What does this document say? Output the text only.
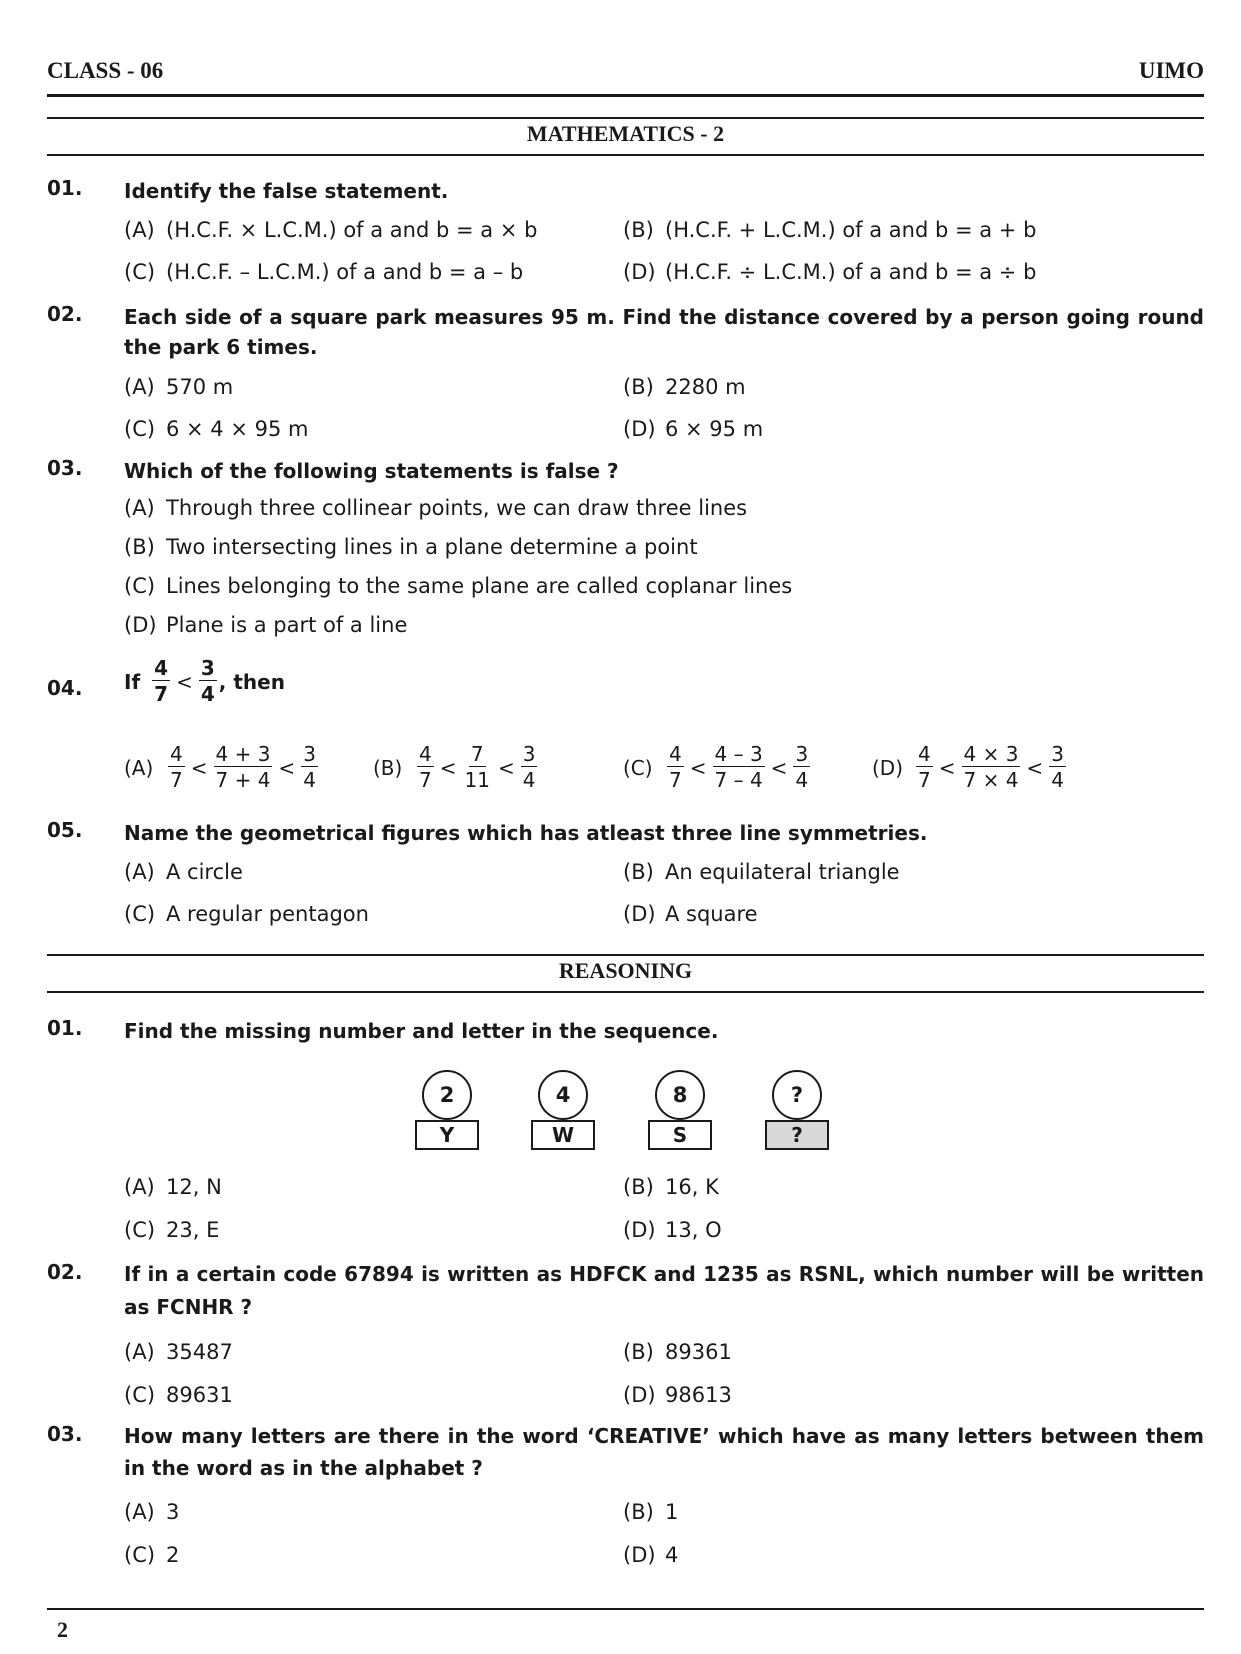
CLASS - 06	UIMO
MATHEMATICS - 2
01. Identify the false statement.
(A) (H.C.F. × L.C.M.) of a and b = a × b	(B) (H.C.F. + L.C.M.) of a and b = a + b
(C) (H.C.F. – L.C.M.) of a and b = a – b	(D) (H.C.F. ÷ L.C.M.) of a and b = a ÷ b
02. Each side of a square park measures 95 m. Find the distance covered by a person going round the park 6 times.
(A) 570 m	(B) 2280 m
(C) 6 × 4 × 95 m	(D) 6 × 95 m
03. Which of the following statements is false ?
(A) Through three collinear points, we can draw three lines
(B) Two intersecting lines in a plane determine a point
(C) Lines belonging to the same plane are called coplanar lines
(D) Plane is a part of a line
04. If $\frac{4}{7} < \frac{3}{4}$ , then
$(A) \frac{4}{7} < \frac{4 + 3}{7 + 4} < \frac{3}{4}$	$(B) \frac{4}{7} < \frac{7}{11} < \frac{3}{4}$	$(C) \frac{4}{7} < \frac{4 - 3}{7 - 4} < \frac{3}{4}$	$(D) \frac{4}{7} < \frac{4 \times 3}{7 \times 4} < \frac{3}{4}$
05. Name the geometrical figures which has atleast three line symmetries.
(A) A circle	(B) An equilateral triangle
(C) A regular pentagon	(D) A square
REASONING
01. Find the missing number and letter in the sequence.
2
Y
4
W
8
S
?
?
(A) 12, N	(B) 16, K
(C) 23, E	(D) 13, O
02. If in a certain code 67894 is written as HDFCK and 1235 as RSNL, which number will be written as FCNHR ?
(A) 35487	(B) 89361
(C) 89631	(D) 98613
03. How many letters are there in the word ‘CREATIVE’ which have as many letters between them in the word as in the alphabet ?
(A) 3	(B) 1
(C) 2	(D) 4
2
